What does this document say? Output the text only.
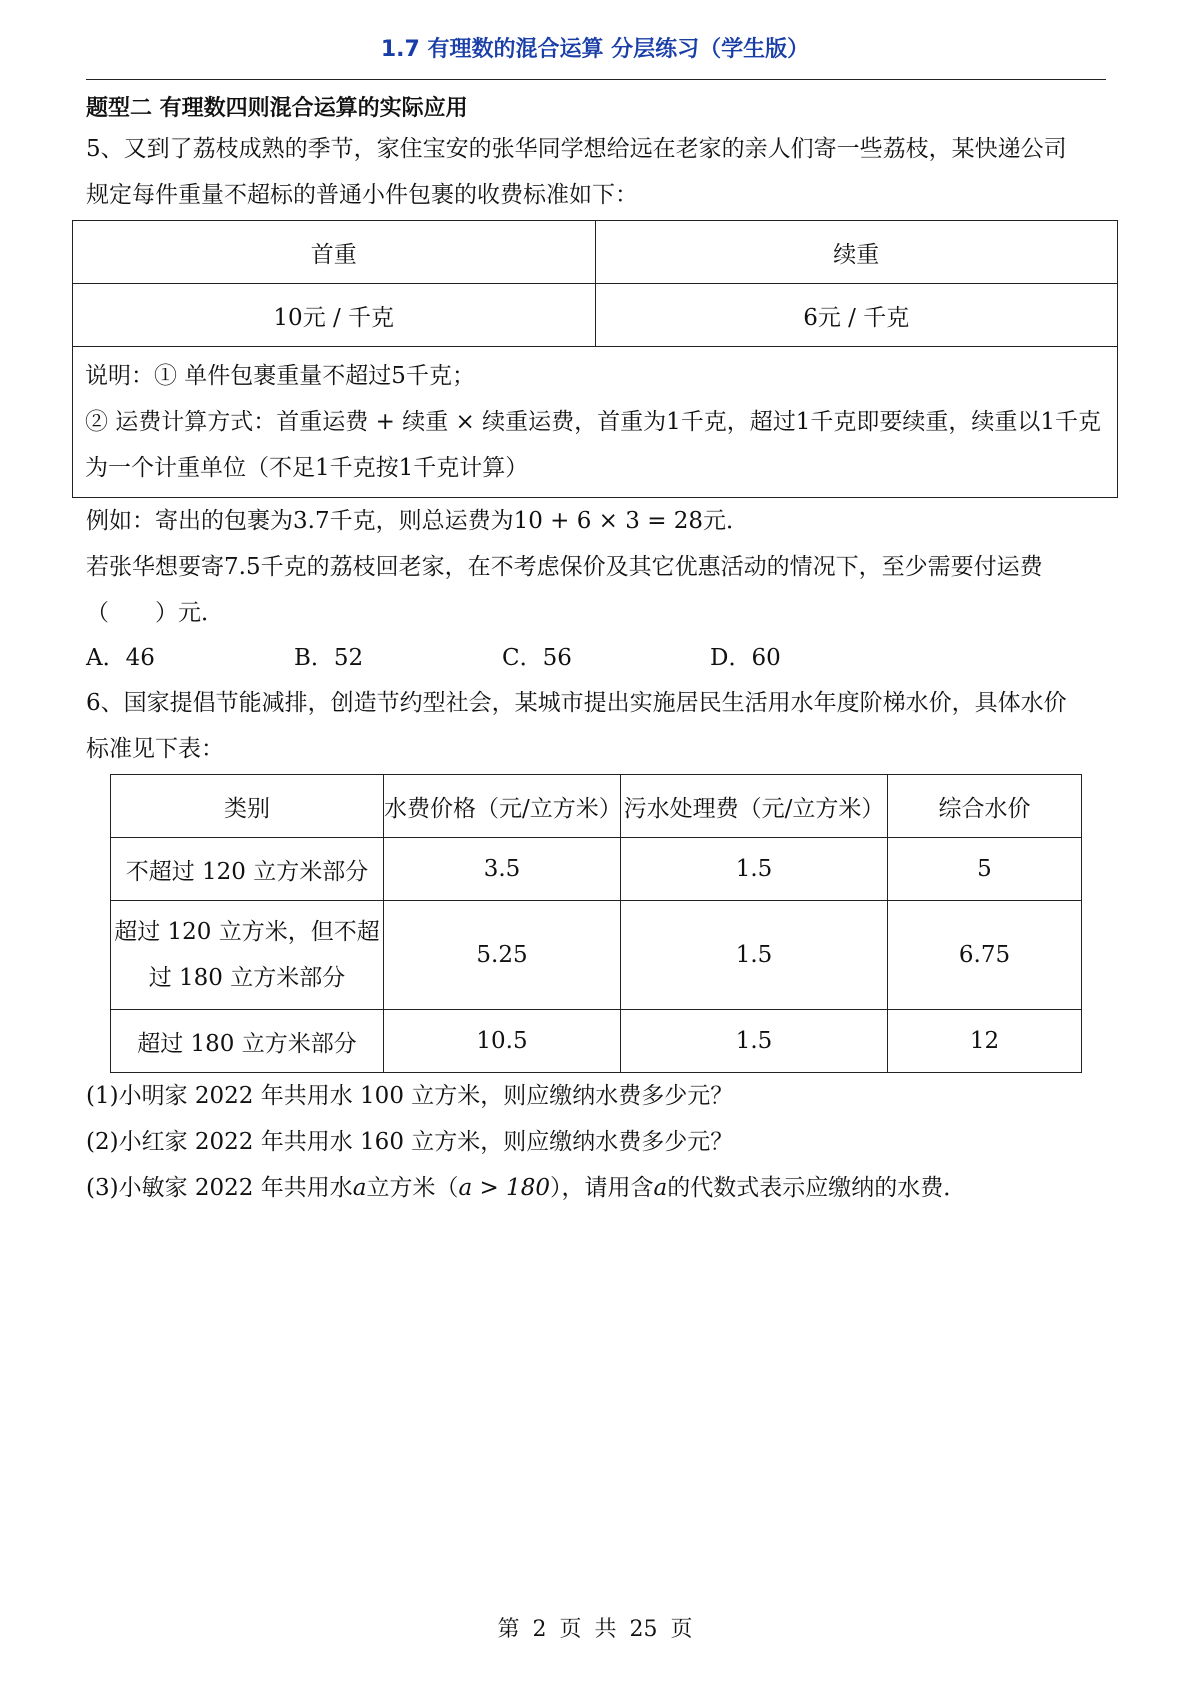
1.7 有理数的混合运算 分层练习（学生版）
题型二 有理数四则混合运算的实际应用
5、又到了荔枝成熟的季节，家住宝安的张华同学想给远在老家的亲人们寄一些荔枝，某快递公司
规定每件重量不超标的普通小件包裹的收费标准如下：
首重	续重
10元 / 千克	6元 / 千克

说明：① 单件包裹重量不超过5千克；
② 运费计算方式：首重运费 + 续重 × 续重运费，首重为1千克，超过1千克即要续重，续重以1千克
为一个计重单位（不足1千克按1千克计算）	
例如：寄出的包裹为3.7千克，则总运费为10 + 6 × 3 = 28元．
若张华想要寄7.5千克的荔枝回老家，在不考虑保价及其它优惠活动的情况下，至少需要付运费
（　　）元．
A．46	B．52	C．56	D．60
6、国家提倡节能减排，创造节约型社会，某城市提出实施居民生活用水年度阶梯水价，具体水价
标准见下表：
类别	水费价格（元/立方米）	污水处理费（元/立方米）	综合水价
不超过 120 立方米部分	3.5	1.5	5

超过 120 立方米，但不超
过 180 立方米部分	5.25	1.5	6.75
超过 180 立方米部分	10.5	1.5	12
(1)小明家 2022 年共用水 100 立方米，则应缴纳水费多少元？
(2)小红家 2022 年共用水 160 立方米，则应缴纳水费多少元？
(3)小敏家 2022 年共用水a立方米（a > 180），请用含a的代数式表示应缴纳的水费．
第 2 页 共 25 页
